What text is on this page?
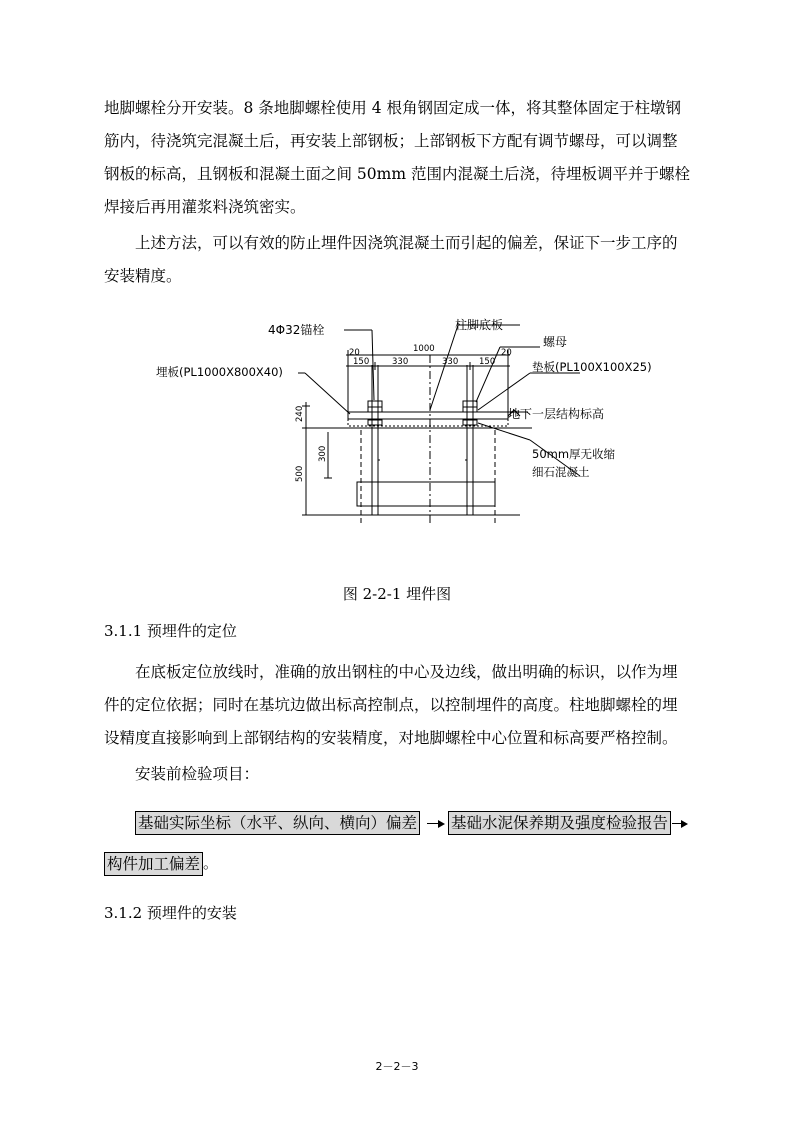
地脚螺栓分开安装。8 条地脚螺栓使用 4 根角钢固定成一体，将其整体固定于柱墩钢筋内，待浇筑完混凝土后，再安装上部钢板；上部钢板下方配有调节螺母，可以调整钢板的标高，且钢板和混凝土面之间 50mm 范围内混凝土后浇，待埋板调平并于螺栓焊接后再用灌浆料浇筑密实。
上述方法，可以有效的防止埋件因浇筑混凝土而引起的偏差，保证下一步工序的安装精度。
4Φ32锚栓	柱脚底板
螺母
埋板(PL1000X800X40)	垫板(PL100X100X25)
地下一层结构标高
50mm厚无收缩
细石混凝土
1000
150	330	330 150
20	20
240
500
300
图 2-2-1 埋件图
3.1.1 预埋件的定位
在底板定位放线时，准确的放出钢柱的中心及边线，做出明确的标识，以作为埋件的定位依据；同时在基坑边做出标高控制点，以控制埋件的高度。柱地脚螺栓的埋设精度直接影响到上部钢结构的安装精度，对地脚螺栓中心位置和标高要严格控制。
安装前检验项目：
基础实际坐标（水平、纵向、横向）偏差 基础水泥保养期及强度检验报告
构件加工偏差 。
3.1.2 预埋件的安装
2－2－3
